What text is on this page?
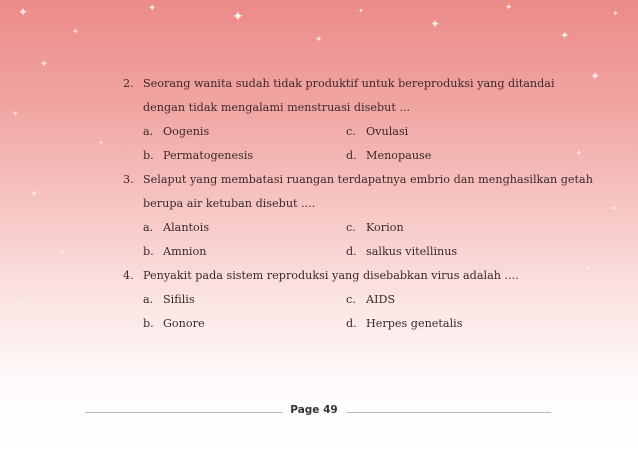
✦
✦
✦
✦
✦
✦
✦
✦
✦
✦
✦
✦
✦
✦
✦
✦
✦
✦
✦
✦
2. Seorang wanita sudah tidak produktif untuk bereproduksi yang ditandai
dengan tidak mengalami menstruasi disebut ...
a. Oogenis	c. Ovulasi
b. Permatogenesis	d. Menopause
3. Selaput yang membatasi ruangan terdapatnya embrio dan menghasilkan getah
berupa air ketuban disebut ....
a. Alantois	c. Korion
b. Amnion	d. salkus vitellinus
4. Penyakit pada sistem reproduksi yang disebabkan virus adalah ....
a. Sifilis	c. AIDS
b. Gonore	d. Herpes genetalis
Page 49
